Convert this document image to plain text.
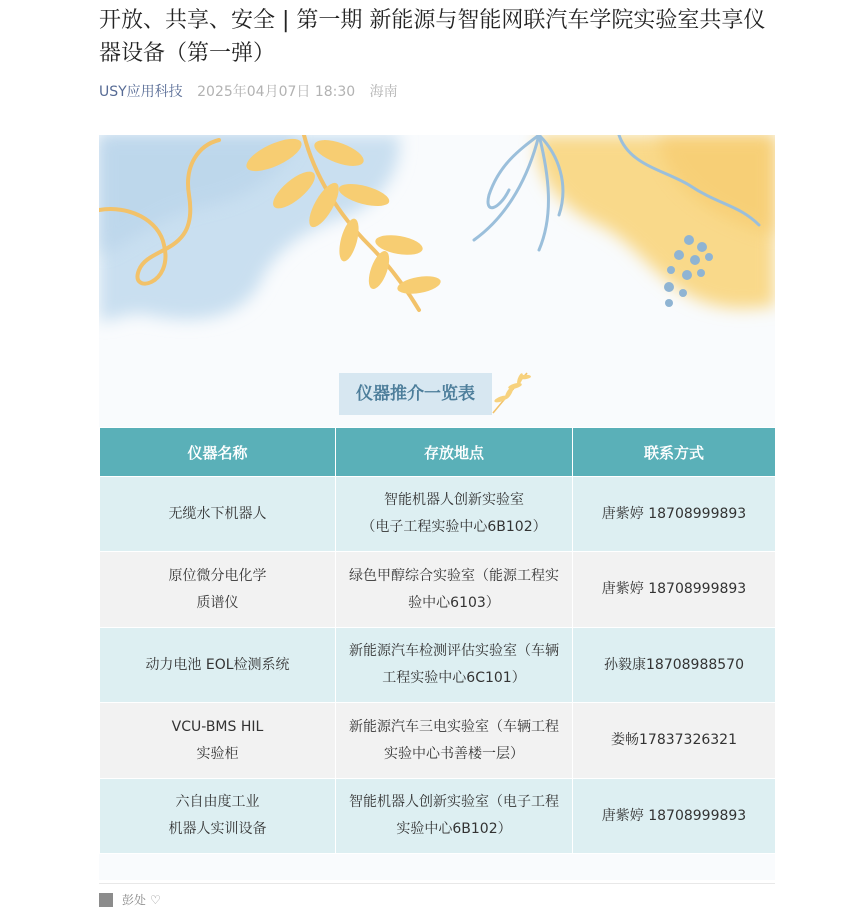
开放、共享、安全 | 第一期 新能源与智能网联汽车学院实验室共享仪器设备（第一弹）
USY应用科技 2025年04月07日 18:30 海南
仪器推介一览表
仪器名称	存放地点	联系方式

无缆水下机器人	智能机器人创新实验室
（电子工程实验中心6B102）	唐紫婷 18708999893

原位微分电化学
质谱仪	绿色甲醇综合实验室（能源工程实
验中心6103）	唐紫婷 18708999893

动力电池 EOL检测系统	新能源汽车检测评估实验室（车辆
工程实验中心6C101）	孙毅康18708988570

VCU-BMS HIL
实验柜	新能源汽车三电实验室（车辆工程
实验中心书善楼一层）	娄畅17837326321

六自由度工业
机器人实训设备	智能机器人创新实验室（电子工程
实验中心6B102）	唐紫婷 18708999893
彭处 ♡
